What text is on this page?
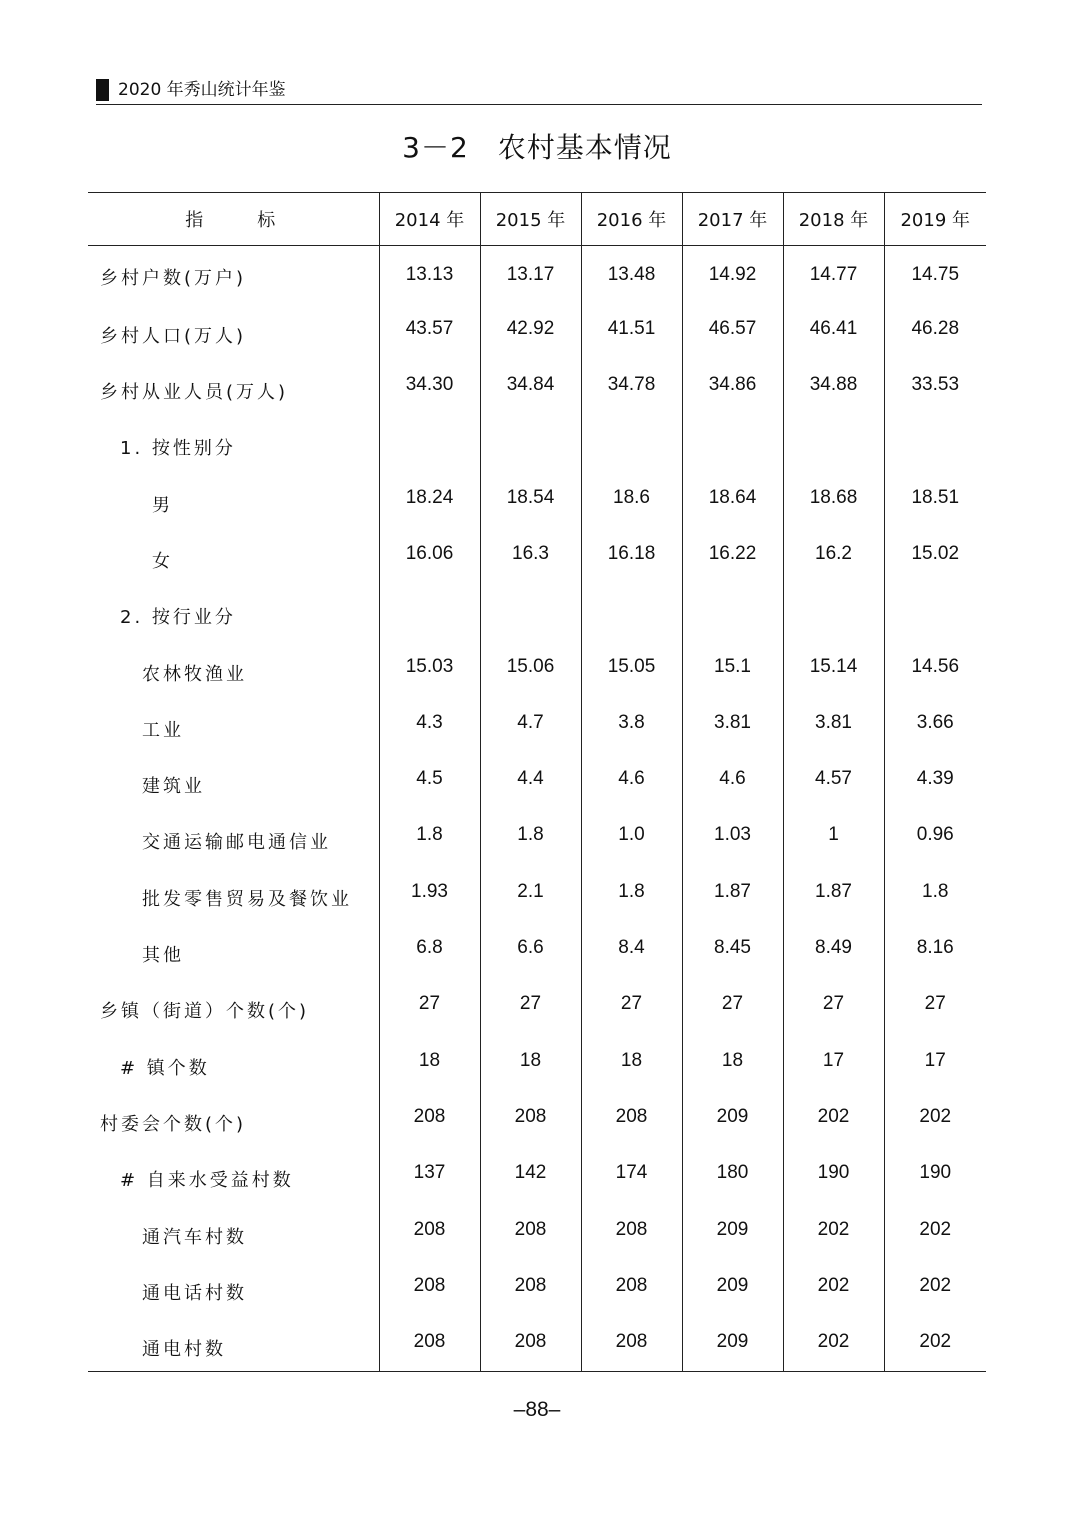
2020 年秀山统计年鉴
3－2　农村基本情况
指　　标	2014 年	2015 年	2016 年	2017 年	2018 年	2019 年
乡村户数(万户)	13.13	13.17	13.48	14.92	14.77	14.75
乡村人口(万人)	43.57	42.92	41.51	46.57	46.41	46.28
乡村从业人员(万人)	34.30	34.84	34.78	34.86	34.88	33.53
1. 按性别分						
男	18.24	18.54	18.6	18.64	18.68	18.51
女	16.06	16.3	16.18	16.22	16.2	15.02
2. 按行业分						
农林牧渔业	15.03	15.06	15.05	15.1	15.14	14.56
工业	4.3	4.7	3.8	3.81	3.81	3.66
建筑业	4.5	4.4	4.6	4.6	4.57	4.39
交通运输邮电通信业	1.8	1.8	1.0	1.03	1	0.96
批发零售贸易及餐饮业	1.93	2.1	1.8	1.87	1.87	1.8
其他	6.8	6.6	8.4	8.45	8.49	8.16
乡镇（街道）个数(个)	27	27	27	27	27	27
# 镇个数	18	18	18	18	17	17
村委会个数(个)	208	208	208	209	202	202
# 自来水受益村数	137	142	174	180	190	190
通汽车村数	208	208	208	209	202	202
通电话村数	208	208	208	209	202	202
通电村数	208	208	208	209	202	202
–88–
